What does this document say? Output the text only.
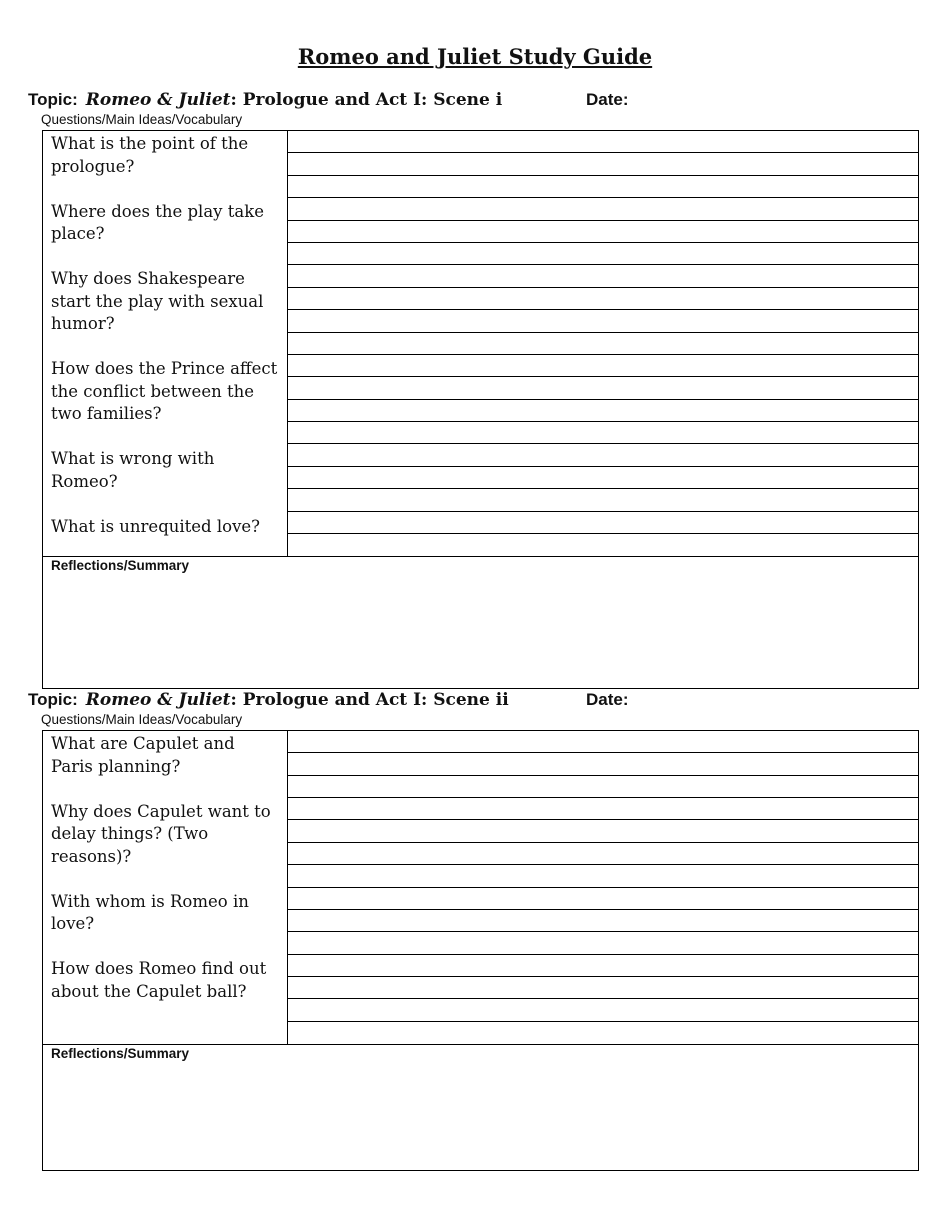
Romeo and Juliet Study Guide
Topic: Romeo & Juliet: Prologue and Act I: Scene i	Date:
Questions/Main Ideas/Vocabulary

What is the point of the prologue?

Where does the play take place?

Why does Shakespeare start the play with sexual humor?

How does the Prince affect the conflict between the two families?

What is wrong with Romeo?

What is unrequited love?

Reflections/Summary
Topic: Romeo & Juliet: Prologue and Act I: Scene ii	Date:
Questions/Main Ideas/Vocabulary

What are Capulet and Paris planning?

Why does Capulet want to delay things? (Two reasons)?

With whom is Romeo in love?

How does Romeo find out about the Capulet ball?

Reflections/Summary
